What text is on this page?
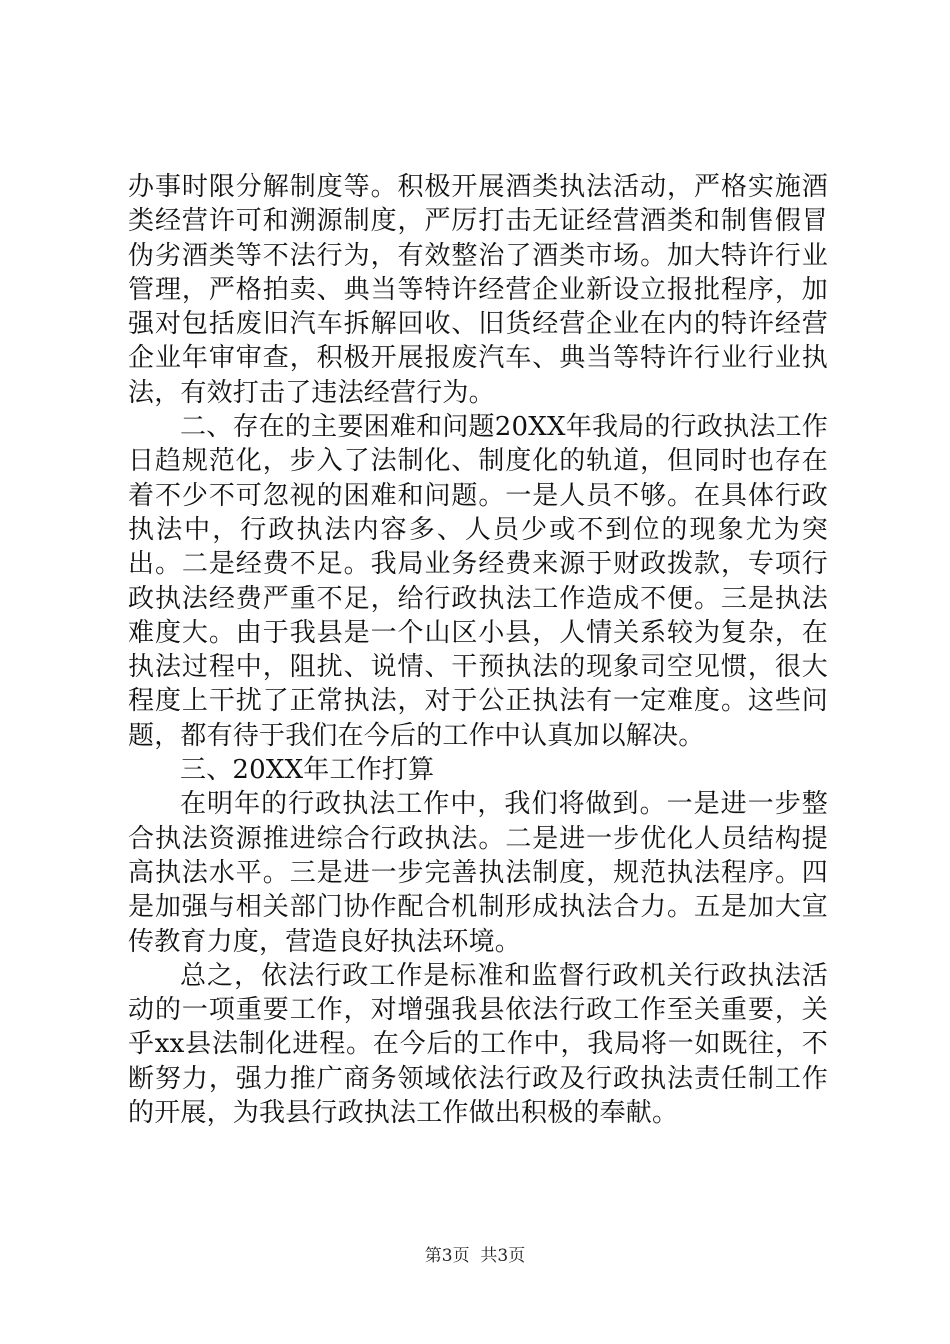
办事时限分解制度等。积极开展酒类执法活动，严格实施酒类经营许可和溯源制度，严厉打击无证经营酒类和制售假冒伪劣酒类等不法行为，有效整治了酒类市场。加大特许行业管理，严格拍卖、典当等特许经营企业新设立报批程序，加强对包括废旧汽车拆解回收、旧货经营企业在内的特许经营企业年审审查，积极开展报废汽车、典当等特许行业行业执法，有效打击了违法经营行为。

二、存在的主要困难和问题20XX年我局的行政执法工作日趋规范化，步入了法制化、制度化的轨道，但同时也存在着不少不可忽视的困难和问题。一是人员不够。在具体行政执法中，行政执法内容多、人员少或不到位的现象尤为突出。二是经费不足。我局业务经费来源于财政拨款，专项行政执法经费严重不足，给行政执法工作造成不便。三是执法难度大。由于我县是一个山区小县，人情关系较为复杂，在执法过程中，阻扰、说情、干预执法的现象司空见惯，很大程度上干扰了正常执法，对于公正执法有一定难度。这些问题，都有待于我们在今后的工作中认真加以解决。

三、20XX年工作打算

在明年的行政执法工作中，我们将做到。一是进一步整合执法资源推进综合行政执法。二是进一步优化人员结构提高执法水平。三是进一步完善执法制度，规范执法程序。四是加强与相关部门协作配合机制形成执法合力。五是加大宣传教育力度，营造良好执法环境。

总之，依法行政工作是标准和监督行政机关行政执法活动的一项重要工作，对增强我县依法行政工作至关重要，关乎xx县法制化进程。在今后的工作中，我局将一如既往，不断努力，强力推广商务领域依法行政及行政执法责任制工作的开展，为我县行政执法工作做出积极的奉献。

第3页 共3页
